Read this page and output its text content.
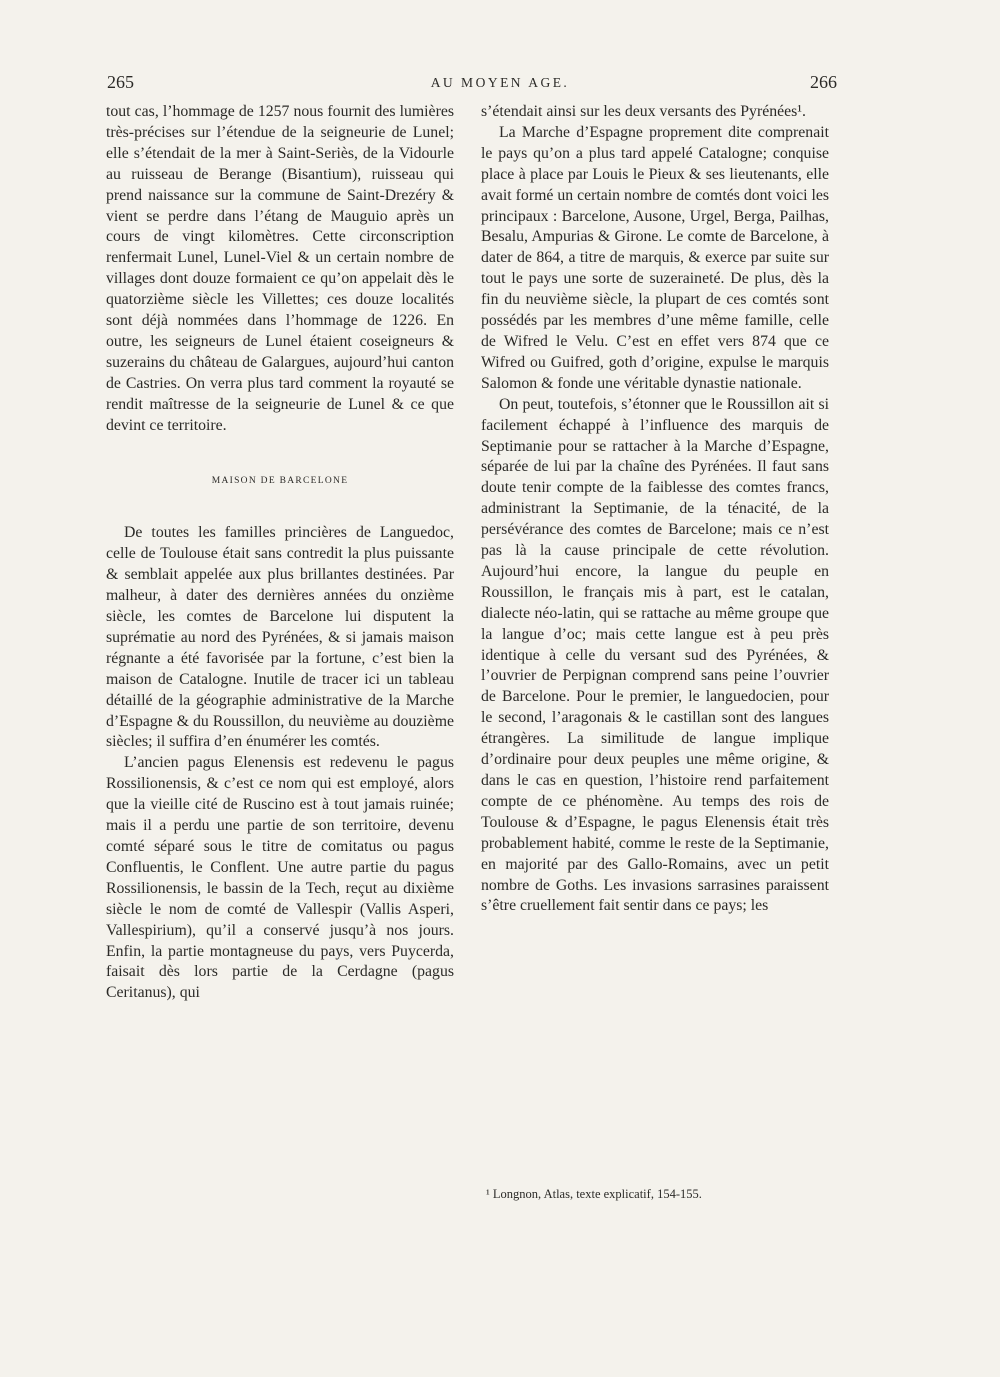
265	AU MOYEN AGE.	266

tout cas, l’hommage de 1257 nous fournit des lumières très-précises sur l’étendue de la seigneurie de Lunel; elle s’étendait de la mer à Saint-Seriès, de la Vidourle au ruisseau de Berange (Bisantium), ruisseau qui prend naissance sur la commune de Saint-Drezéry & vient se perdre dans l’étang de Mauguio après un cours de vingt kilomètres. Cette circonscription renfermait Lunel, Lunel-Viel & un certain nombre de villages dont douze formaient ce qu’on appelait dès le quatorzième siècle les Villettes; ces douze localités sont déjà nommées dans l’hommage de 1226. En outre, les seigneurs de Lunel étaient coseigneurs & suzerains du château de Galargues, aujourd’hui canton de Castries. On verra plus tard comment la royauté se rendit maîtresse de la seigneurie de Lunel & ce que devint ce territoire.

MAISON DE BARCELONE

De toutes les familles princières de Languedoc, celle de Toulouse était sans contredit la plus puissante & semblait appelée aux plus brillantes destinées. Par malheur, à dater des dernières années du onzième siècle, les comtes de Barcelone lui disputent la suprématie au nord des Pyrénées, & si jamais maison régnante a été favorisée par la fortune, c’est bien la maison de Catalogne. Inutile de tracer ici un tableau détaillé de la géographie administrative de la Marche d’Espagne & du Roussillon, du neuvième au douzième siècles; il suffira d’en énumérer les comtés.

L’ancien pagus Elenensis est redevenu le pagus Rossilionensis, & c’est ce nom qui est employé, alors que la vieille cité de Ruscino est à tout jamais ruinée; mais il a perdu une partie de son territoire, devenu comté séparé sous le titre de comitatus ou pagus Confluentis, le Conflent. Une autre partie du pagus Rossilionensis, le bassin de la Tech, reçut au dixième siècle le nom de comté de Vallespir (Vallis Asperi, Vallespirium), qu’il a conservé jusqu’à nos jours. Enfin, la partie montagneuse du pays, vers Puycerda, faisait dès lors partie de la Cerdagne (pagus Ceritanus), qui

s’étendait ainsi sur les deux versants des Pyrénées¹.

La Marche d’Espagne proprement dite comprenait le pays qu’on a plus tard appelé Catalogne; conquise place à place par Louis le Pieux & ses lieutenants, elle avait formé un certain nombre de comtés dont voici les principaux : Barcelone, Ausone, Urgel, Berga, Pailhas, Besalu, Ampurias & Girone. Le comte de Barcelone, à dater de 864, a titre de marquis, & exerce par suite sur tout le pays une sorte de suzeraineté. De plus, dès la fin du neuvième siècle, la plupart de ces comtés sont possédés par les membres d’une même famille, celle de Wifred le Velu. C’est en effet vers 874 que ce Wifred ou Guifred, goth d’origine, expulse le marquis Salomon & fonde une véritable dynastie nationale.

On peut, toutefois, s’étonner que le Roussillon ait si facilement échappé à l’influence des marquis de Septimanie pour se rattacher à la Marche d’Espagne, séparée de lui par la chaîne des Pyrénées. Il faut sans doute tenir compte de la faiblesse des comtes francs, administrant la Septimanie, de la ténacité, de la persévérance des comtes de Barcelone; mais ce n’est pas là la cause principale de cette révolution. Aujourd’hui encore, la langue du peuple en Roussillon, le français mis à part, est le catalan, dialecte néo-latin, qui se rattache au même groupe que la langue d’oc; mais cette langue est à peu près identique à celle du versant sud des Pyrénées, & l’ouvrier de Perpignan comprend sans peine l’ouvrier de Barcelone. Pour le premier, le languedocien, pour le second, l’aragonais & le castillan sont des langues étrangères. La similitude de langue implique d’ordinaire pour deux peuples une même origine, & dans le cas en question, l’histoire rend parfaitement compte de ce phénomène. Au temps des rois de Toulouse & d’Espagne, le pagus Elenensis était très probablement habité, comme le reste de la Septimanie, en majorité par des Gallo-Romains, avec un petit nombre de Goths. Les invasions sarrasines paraissent s’être cruellement fait sentir dans ce pays; les

¹ Longnon, Atlas, texte explicatif, 154-155.
